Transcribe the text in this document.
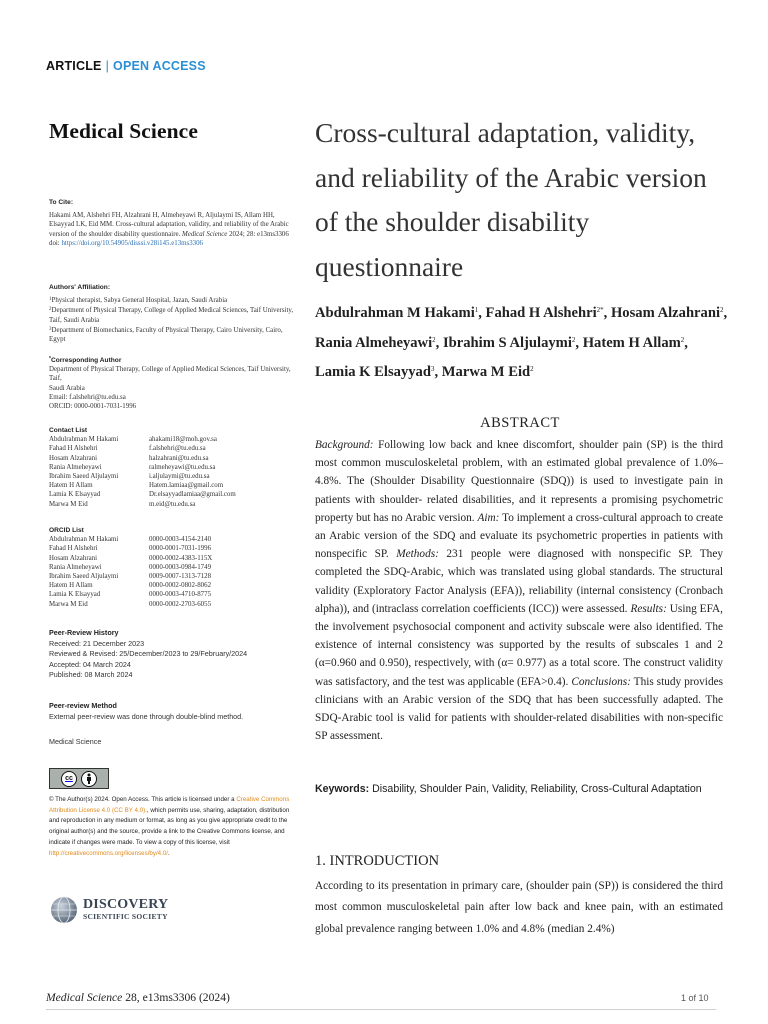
ARTICLE | OPEN ACCESS
Medical Science	Cross-cultural adaptation, validity, and reliability of the Arabic version of the shoulder disability questionnaire
Abdulrahman M Hakami$^1$, Fahad H Alshehri$^{2*}$, Hosam Alzahrani$^2$, Rania Almeheyawi$^2$, Ibrahim S Aljulaymi$^2$, Hatem H Allam$^2$, Lamia K Elsayyad$^3$, Marwa M Eid$^2$
To Cite:
Hakami AM, Alshehri FH, Alzahrani H, Almeheyawi R, Aljulaymi IS, Allam HH, Elsayyad LK, Eid MM. Cross-cultural adaptation, validity, and reliability of the Arabic version of the shoulder disability questionnaire. Medical Science 2024; 28: e13ms3306
doi: https://doi.org/10.54905/disssi.v28i145.e13ms3306
Authors' Affiliation:
$^1$Physical therapist, Sabya General Hospital, Jazan, Saudi Arabia
$^2$Department of Physical Therapy, College of Applied Medical Sciences, Taif University, Taif, Saudi Arabia
$^3$Department of Biomechanics, Faculty of Physical Therapy, Cairo University, Cairo, Egypt
*Corresponding Author
Department of Physical Therapy, College of Applied Medical Sciences, Taif University, Taif,
Saudi Arabia
Email: f.alshehri@tu.edu.sa
ORCID: 0000-0001-7031-1996
Contact List
Abdulrahman M Hakami	ahakami18@moh.gov.sa
Fahad H Alshehri	f.alshehri@tu.edu.sa
Hosam Alzahrani	halzahrani@tu.edu.sa
Rania Almeheyawi	ralmeheyawi@tu.edu.sa
Ibrahim Saeed Aljulaymi	i.aljulaymi@tu.edu.sa
Hatem H Allam	Hatem.lamiaa@gmail.com
Lamia K Elsayyad	Dr.elsayyadlamiaa@gmail.com
Marwa M Eid	m.eid@tu.edu.sa
ORCID List
Abdulrahman M Hakami	0000-0003-4154-2140
Fahad H Alshehri	0000-0001-7031-1996
Hosam Alzahrani	0000-0002-4383-115X
Rania Almeheyawi	0000-0003-0984-1749
Ibrahim Saeed Aljulaymi	0009-0007-1313-7128
Hatem H Allam	0000-0002-0802-8062
Lamia K Elsayyad	0000-0003-4710-8775
Marwa M Eid	0000-0002-2703-6055
Peer-Review History
Received: 21 December 2023
Reviewed & Revised: 25/December/2023 to 29/February/2024
Accepted: 04 March 2024
Published: 08 March 2024
Peer-review Method
External peer-review was done through double-blind method.
Medical Science
cc
© The Author(s) 2024. Open Access. This article is licensed under a Creative Commons Attribution License 4.0 (CC BY 4.0)., which permits use, sharing, adaptation, distribution and reproduction in any medium or format, as long as you give appropriate credit to the original author(s) and the source, provide a link to the Creative Commons license, and indicate if changes were made. To view a copy of this license, visit http://creativecommons.org/licenses/by/4.0/.
DISCOVERY
SCIENTIFIC SOCIETY
ABSTRACT
Background: Following low back and knee discomfort, shoulder pain (SP) is the third most common musculoskeletal problem, with an estimated global prevalence of 1.0%–4.8%. The (Shoulder Disability Questionnaire (SDQ)) is used to investigate pain in patients with shoulder- related disabilities, and it represents a promising psychometric property but has no Arabic version. Aim: To implement a cross-cultural approach to create an Arabic version of the SDQ and evaluate its psychometric properties in patients with nonspecific SP. Methods: 231 people were diagnosed with nonspecific SP. They completed the SDQ-Arabic, which was translated using global standards. The structural validity (Exploratory Factor Analysis (EFA)), reliability (internal consistency (Cronbach alpha)), and (intraclass correlation coefficients (ICC)) were assessed. Results: Using EFA, the involvement psychosocial component and activity subscale were also identified. The existence of internal consistency was supported by the results of subscales 1 and 2 (α=0.960 and 0.950), respectively, with (α= 0.977) as a total score. The construct validity was satisfactory, and the test was applicable (EFA>0.4). Conclusions: This study provides clinicians with an Arabic version of the SDQ that has been successfully adapted. The SDQ-Arabic tool is valid for patients with shoulder-related disabilities with non-specific SP assessment.
Keywords: Disability, Shoulder Pain, Validity, Reliability, Cross-Cultural Adaptation
1. INTRODUCTION
According to its presentation in primary care, (shoulder pain (SP)) is considered the third most common musculoskeletal pain after low back and knee pain, with an estimated global prevalence ranging between 1.0% and 4.8% (median 2.4%)
Medical Science 28, e13ms3306 (2024)	1 of 10
